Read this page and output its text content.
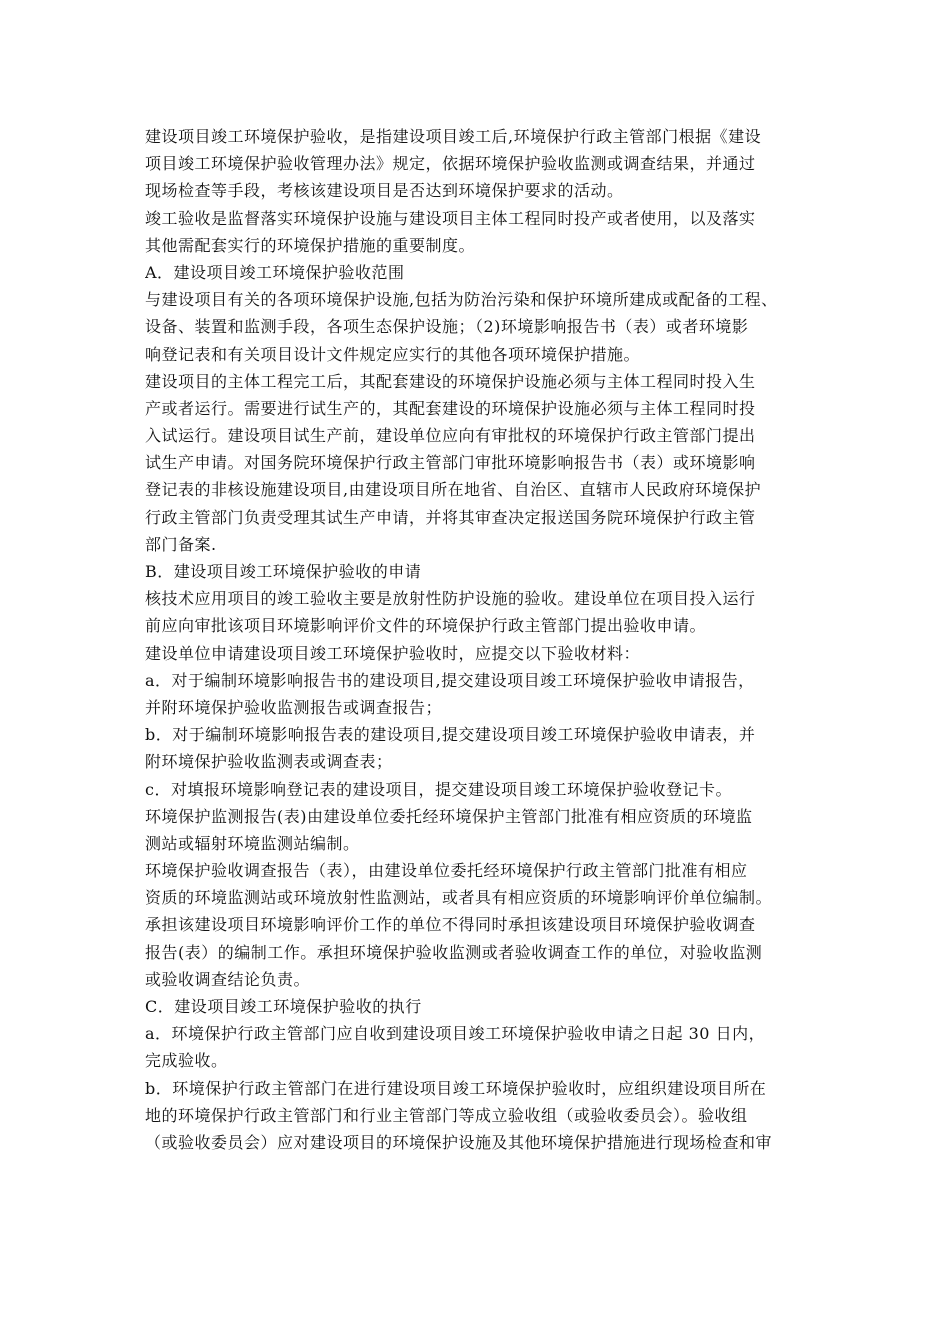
建设项目竣工环境保护验收，是指建设项目竣工后,环境保护行政主管部门根据《建设
项目竣工环境保护验收管理办法》规定，依据环境保护验收监测或调查结果，并通过
现场检查等手段，考核该建设项目是否达到环境保护要求的活动。
竣工验收是监督落实环境保护设施与建设项目主体工程同时投产或者使用，以及落实
其他需配套实行的环境保护措施的重要制度。
A．建设项目竣工环境保护验收范围
与建设项目有关的各项环境保护设施,包括为防治污染和保护环境所建成或配备的工程、
设备、装置和监测手段，各项生态保护设施；（2)环境影响报告书（表）或者环境影
响登记表和有关项目设计文件规定应实行的其他各项环境保护措施。
建设项目的主体工程完工后，其配套建设的环境保护设施必须与主体工程同时投入生
产或者运行。需要进行试生产的，其配套建设的环境保护设施必须与主体工程同时投
入试运行。建设项目试生产前，建设单位应向有审批权的环境保护行政主管部门提出
试生产申请。对国务院环境保护行政主管部门审批环境影响报告书（表）或环境影响
登记表的非核设施建设项目,由建设项目所在地省、自治区、直辖市人民政府环境保护
行政主管部门负责受理其试生产申请，并将其审查决定报送国务院环境保护行政主管
部门备案.
B．建设项目竣工环境保护验收的申请
核技术应用项目的竣工验收主要是放射性防护设施的验收。建设单位在项目投入运行
前应向审批该项目环境影响评价文件的环境保护行政主管部门提出验收申请。
建设单位申请建设项目竣工环境保护验收时，应提交以下验收材料：
a．对于编制环境影响报告书的建设项目,提交建设项目竣工环境保护验收申请报告，
并附环境保护验收监测报告或调查报告；
b．对于编制环境影响报告表的建设项目,提交建设项目竣工环境保护验收申请表，并
附环境保护验收监测表或调查表；
c．对填报环境影响登记表的建设项目，提交建设项目竣工环境保护验收登记卡。
环境保护监测报告(表)由建设单位委托经环境保护主管部门批准有相应资质的环境监
测站或辐射环境监测站编制。
环境保护验收调查报告（表），由建设单位委托经环境保护行政主管部门批准有相应
资质的环境监测站或环境放射性监测站，或者具有相应资质的环境影响评价单位编制。
承担该建设项目环境影响评价工作的单位不得同时承担该建设项目环境保护验收调查
报告(表）的编制工作。承担环境保护验收监测或者验收调查工作的单位，对验收监测
或验收调查结论负责。
C．建设项目竣工环境保护验收的执行
a．环境保护行政主管部门应自收到建设项目竣工环境保护验收申请之日起 30 日内，
完成验收。
b．环境保护行政主管部门在进行建设项目竣工环境保护验收时，应组织建设项目所在
地的环境保护行政主管部门和行业主管部门等成立验收组（或验收委员会）。验收组
（或验收委员会）应对建设项目的环境保护设施及其他环境保护措施进行现场检查和审
